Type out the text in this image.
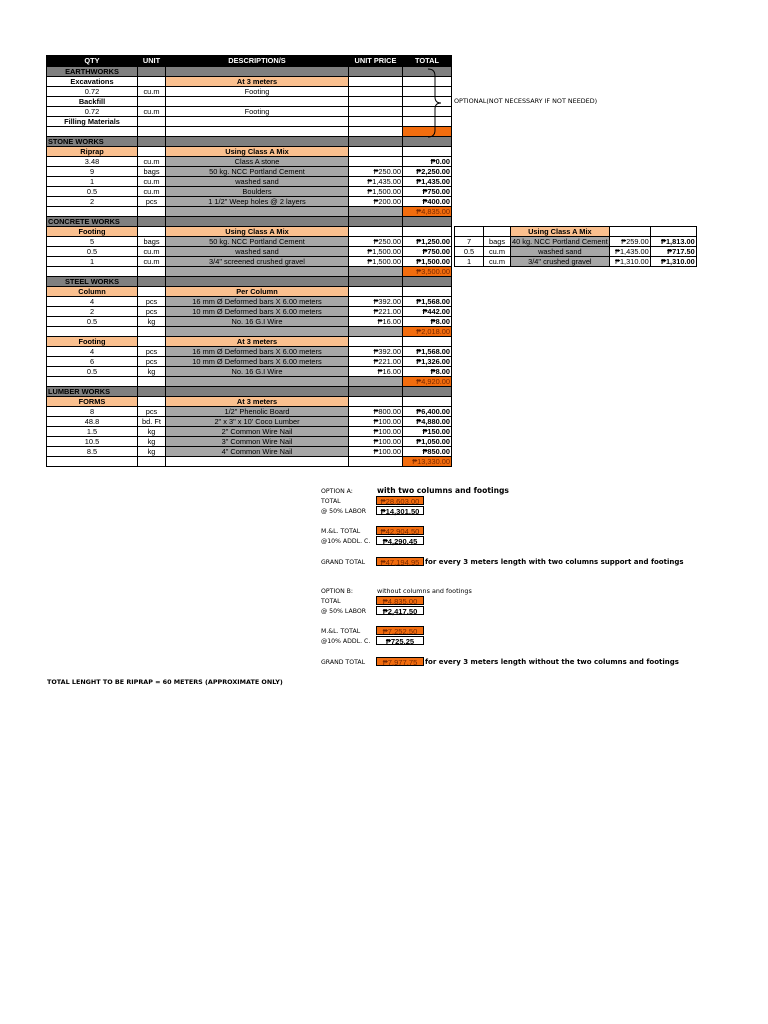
QTY	UNIT	DESCRIPTION/S	UNIT PRICE	TOTAL
EARTHWORKS				
Excavations		At 3 meters		
0.72	cu.m	Footing		
Backfill				
0.72	cu.m	Footing		
Filling Materials				

STONE WORKS				
Riprap		Using Class A Mix		
3.48	cu.m	Class A stone		₱0.00
9	bags	50 kg. NCC Portland Cement	₱250.00	₱2,250.00
1	cu.m	washed sand	₱1,435.00	₱1,435.00
0.5	cu.m	Boulders	₱1,500.00	₱750.00
2	pcs	1 1/2" Weep holes @ 2 layers	₱200.00	₱400.00
				₱4,835.00
CONCRETE WORKS				
Footing		Using Class A Mix		
5	bags	50 kg. NCC Portland Cement	₱250.00	₱1,250.00
0.5	cu.m	washed sand	₱1,500.00	₱750.00
1	cu.m	3/4" screened crushed gravel	₱1,500.00	₱1,500.00
				₱3,500.00
STEEL WORKS				
Column		Per Column		
4	pcs	16 mm Ø Deformed bars X 6.00 meters	₱392.00	₱1,568.00
2	pcs	10 mm Ø Deformed bars X 6.00 meters	₱221.00	₱442.00
0.5	kg	No. 16 G.I Wire	₱16.00	₱8.00
				₱2,018.00
Footing		At 3 meters		
4	pcs	16 mm Ø Deformed bars X 6.00 meters	₱392.00	₱1,568.00
6	pcs	10 mm Ø Deformed bars X 6.00 meters	₱221.00	₱1,326.00
0.5	kg	No. 16 G.I Wire	₱16.00	₱8.00
				₱4,920.00
LUMBER WORKS				
FORMS		At 3 meters		
8	pcs	1/2" Phenolic Board	₱800.00	₱6,400.00
48.8	bd. Ft	2" x 3" x 10' Coco Lumber	₱100.00	₱4,880.00
1.5	kg	2" Common Wire Nail	₱100.00	₱150.00
10.5	kg	3" Common Wire Nail	₱100.00	₱1,050.00
8.5	kg	4" Common Wire Nail	₱100.00	₱850.00
				₱13,330.00
OPTIONAL(NOT NECESSARY IF NOT NEEDED)
		Using Class A Mix		
7	bags	40 kg. NCC Portland Cement	₱259.00	₱1,813.00
0.5	cu.m	washed sand	₱1,435.00	₱717.50
1	cu.m	3/4" crushed gravel	₱1,310.00	₱1,310.00
OPTION A:	with two columns and footings
TOTAL	₱28,603.00
@ 50% LABOR	₱14,301.50
M.&L. TOTAL	₱42,904.50
@10% ADDL. C.	₱4,290.45
GRAND TOTAL	₱47,194.95 for every 3 meters length with two columns support and footings
OPTION B:	without columns and footings
TOTAL	₱4,835.00
@ 50% LABOR	₱2,417.50
M.&L. TOTAL	₱7,252.50
@10% ADDL. C.	₱725.25
GRAND TOTAL	₱7,977.75	for every 3 meters length without the two columns and footings
TOTAL LENGHT TO BE RIPRAP = 60 METERS (APPROXIMATE ONLY)
